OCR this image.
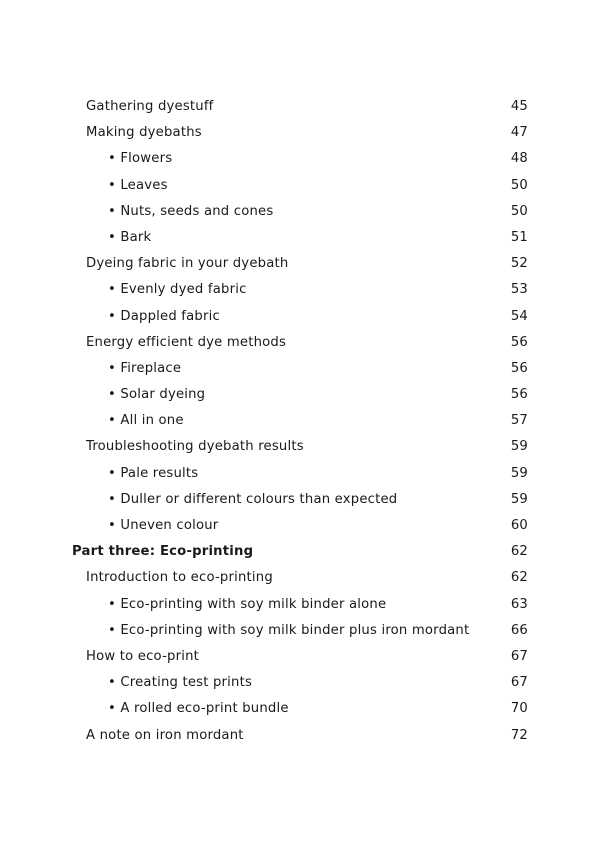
Gathering dyestuff	45
Making dyebaths	47
• Flowers	48
• Leaves	50
• Nuts, seeds and cones	50
• Bark	51
Dyeing fabric in your dyebath	52
• Evenly dyed fabric	53
• Dappled fabric	54
Energy efficient dye methods	56
• Fireplace	56
• Solar dyeing	56
• All in one	57
Troubleshooting dyebath results	59
• Pale results	59
• Duller or different colours than expected	59
• Uneven colour	60
Part three: Eco-printing	62
Introduction to eco-printing	62
• Eco-printing with soy milk binder alone	63
• Eco-printing with soy milk binder plus iron mordant	66
How to eco-print	67
• Creating test prints	67
• A rolled eco-print bundle	70
A note on iron mordant	72
